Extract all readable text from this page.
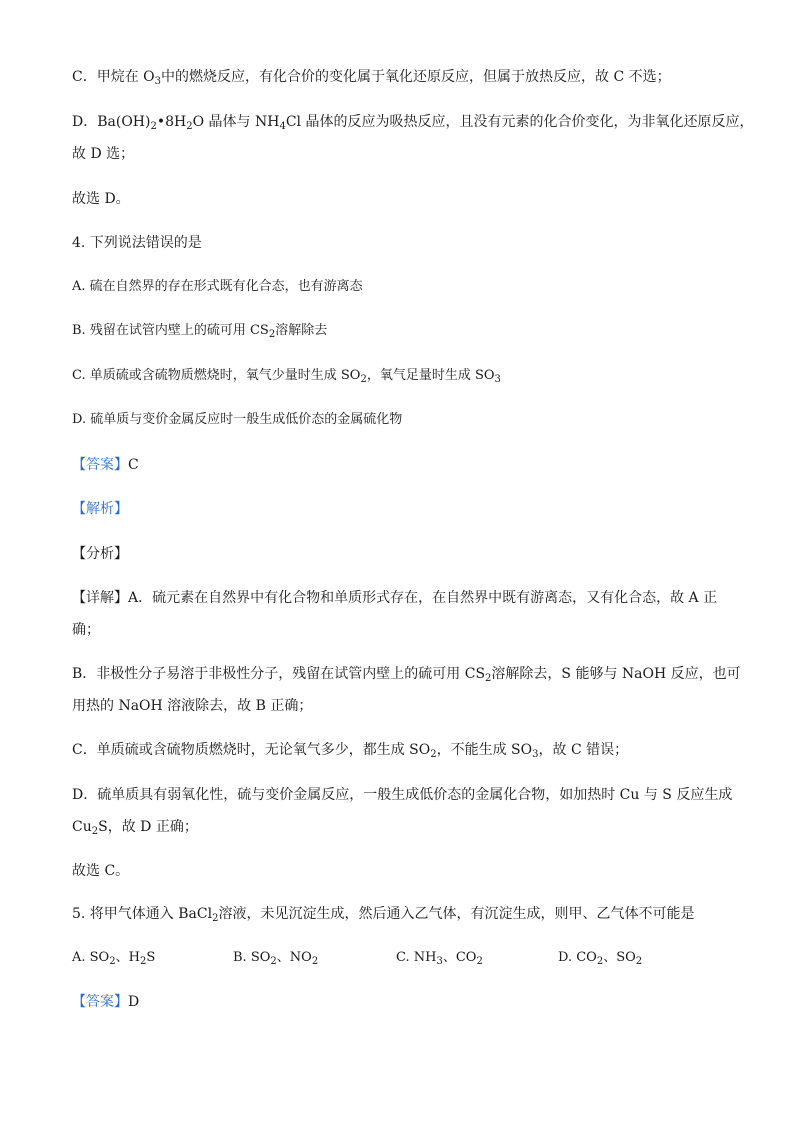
C．甲烷在 $O_3$中的燃烧反应，有化合价的变化属于氧化还原反应，但属于放热反应，故 C 不选；
D．$Ba(OH)_2•8H_2O$ 晶体与 $NH_4Cl$ 晶体的反应为吸热反应，且没有元素的化合价变化，为非氧化还原反应，
故 D 选；
故选 D。
4. 下列说法错误的是
A. 硫在自然界的存在形式既有化合态，也有游离态
B. 残留在试管内壁上的硫可用 $CS_2$溶解除去
C. 单质硫或含硫物质燃烧时，氧气少量时生成 $SO_2$，氧气足量时生成 $SO_3$
D. 硫单质与变价金属反应时一般生成低价态的金属硫化物
【答案】C
【解析】
【分析】
【详解】A．硫元素在自然界中有化合物和单质形式存在，在自然界中既有游离态，又有化合态，故 A 正
确；
B．非极性分子易溶于非极性分子，残留在试管内壁上的硫可用 $CS_2$溶解除去，S 能够与 NaOH 反应，也可
用热的 NaOH 溶液除去，故 B 正确；
C．单质硫或含硫物质燃烧时，无论氧气多少，都生成 $SO_2$，不能生成 $SO_3$，故 C 错误；
D．硫单质具有弱氧化性，硫与变价金属反应，一般生成低价态的金属化合物，如加热时 Cu 与 S 反应生成
$Cu_2S$，故 D 正确；
故选 C。
5. 将甲气体通入 BaCl$_2$溶液，未见沉淀生成，然后通入乙气体，有沉淀生成，则甲、乙气体不可能是
A. $SO_2$、$H_2S$	B. $SO_2$、$NO_2$	C. $NH_3$、$CO_2$	D. $CO_2$、$SO_2$
【答案】D
